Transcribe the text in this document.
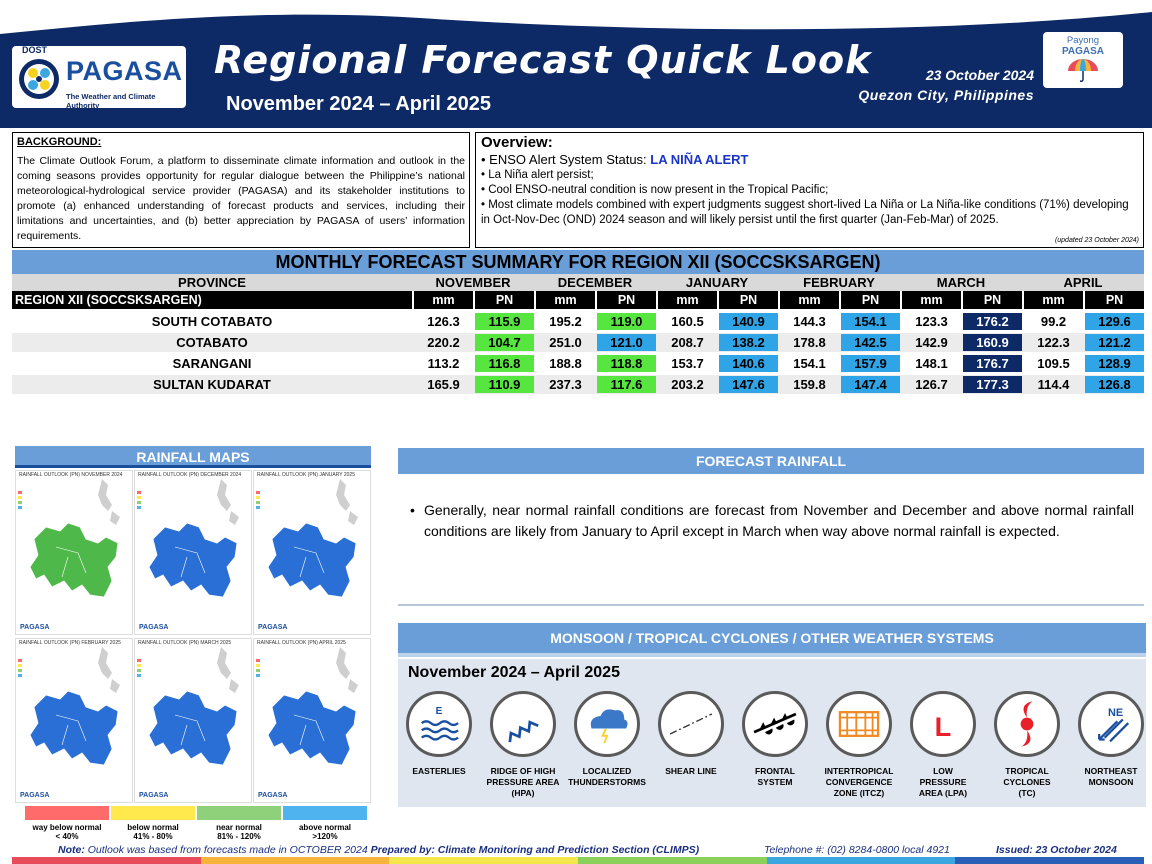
DOST
PAGASA
The Weather and Climate Authority
Regional Forecast Quick Look
November 2024 – April 2025
23 October 2024
Quezon City, Philippines
Payong
PAGASA
BACKGROUND:
The Climate Outlook Forum, a platform to disseminate climate information and outlook in the coming seasons provides opportunity for regular dialogue between the Philippine’s national meteorological-hydrological service provider (PAGASA) and its stakeholder institutions to promote (a) enhanced understanding of forecast products and services, including their limitations and uncertainties, and (b) better appreciation by PAGASA of users’ information requirements.
Overview:
• ENSO Alert System Status: LA NIÑA ALERT
• La Niña alert persist;
• Cool ENSO-neutral condition is now present in the Tropical Pacific;
• Most climate models combined with expert judgments suggest short-lived La Niña or La Niña-like conditions (71%) developing in Oct-Nov-Dec (OND) 2024 season and will likely persist until the first quarter (Jan-Feb-Mar) of 2025.
(updated 23 October 2024)
MONTHLY FORECAST SUMMARY FOR REGION XII (SOCCSKSARGEN)
PROVINCE	NOVEMBER	DECEMBER	JANUARY	FEBRUARY	MARCH	APRIL
REGION XII (SOCCSKSARGEN)	mm	PN	mm	PN	mm	PN	mm	PN	mm	PN	mm	PN
SOUTH COTABATO	126.3	115.9	195.2	119.0	160.5	140.9	144.3	154.1	123.3	176.2	99.2	129.6
COTABATO	220.2	104.7	251.0	121.0	208.7	138.2	178.8	142.5	142.9	160.9	122.3	121.2
SARANGANI	113.2	116.8	188.8	118.8	153.7	140.6	154.1	157.9	148.1	176.7	109.5	128.9
SULTAN KUDARAT	165.9	110.9	237.3	117.6	203.2	147.6	159.8	147.4	126.7	177.3	114.4	126.8
RAINFALL MAPS
PAGASA
RAINFALL OUTLOOK (PN) NOVEMBER 2024
PAGASA
RAINFALL OUTLOOK (PN) DECEMBER 2024
PAGASA
RAINFALL OUTLOOK (PN) JANUARY 2025
PAGASA
RAINFALL OUTLOOK (PN) FEBRUARY 2025
PAGASA
RAINFALL OUTLOOK (PN) MARCH 2025
PAGASA
RAINFALL OUTLOOK (PN) APRIL 2025
way below normal
< 40%
below normal
41% - 80%
near normal
81% - 120%
above normal
>120%
FORECAST RAINFALL
• Generally, near normal rainfall conditions are forecast from November and December and above normal rainfall conditions are likely from January to April except in March when way above normal rainfall is expected.
MONSOON / TROPICAL CYCLONES / OTHER WEATHER SYSTEMS
November 2024 – April 2025
E
EASTERLIES	RIDGE OF HIGH
PRESSURE AREA
(HPA)
LOCALIZED
THUNDERSTORMS
SHEAR LINE	FRONTAL
SYSTEM
INTERTROPICAL
CONVERGENCE
ZONE (ITCZ)
L
LOW
PRESSURE
AREA (LPA)
TROPICAL
CYCLONES
(TC)
NE
NORTHEAST
MONSOON
Note: Outlook was based from forecasts made in OCTOBER 2024 Prepared by: Climate Monitoring and Prediction Section (CLIMPS)	Telephone #: (02) 8284-0800 local 4921	Issued: 23 October 2024
